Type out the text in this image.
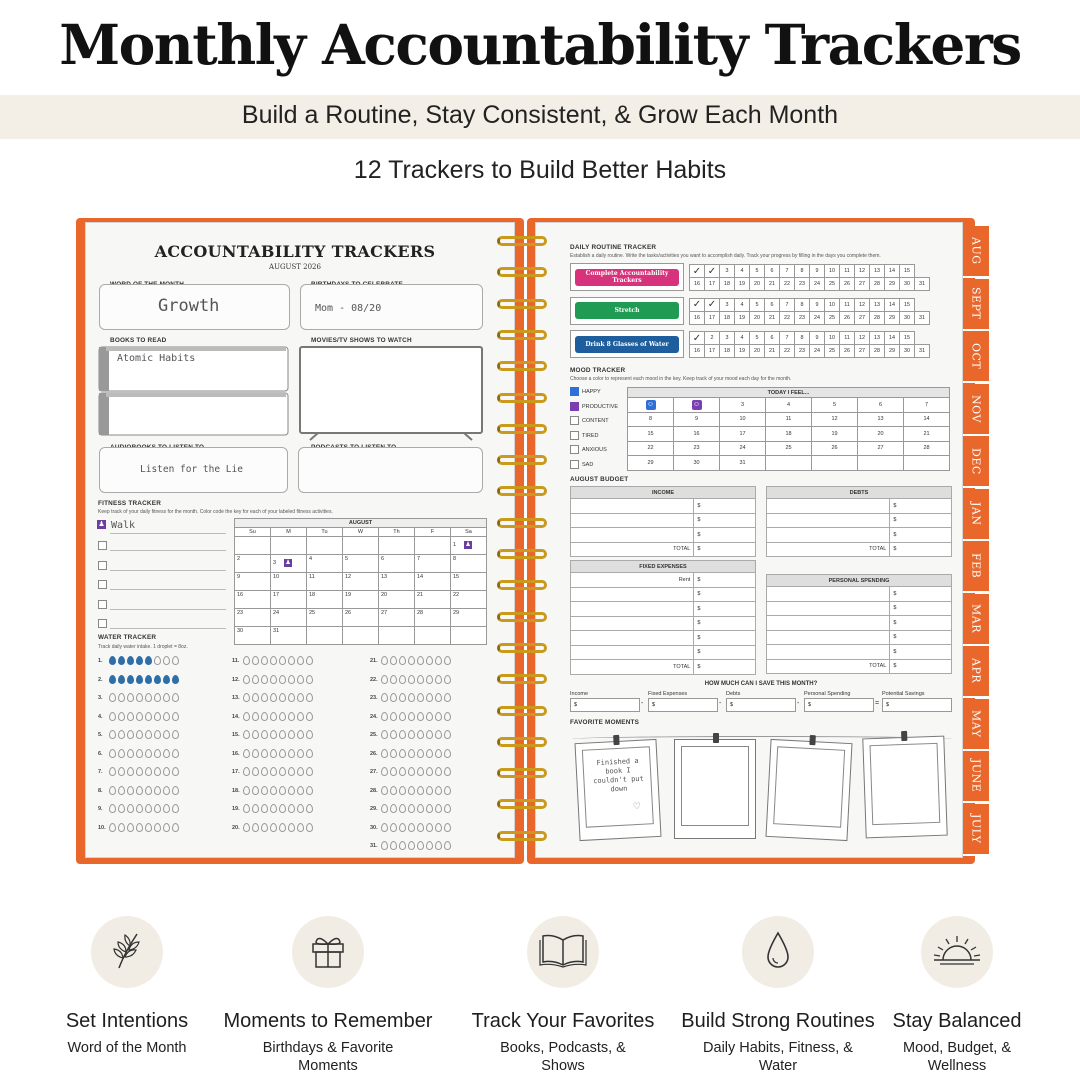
Monthly Accountability Trackers
Build a Routine, Stay Consistent, & Grow Each Month
12 Trackers to Build Better Habits
AUG
SEPT
OCT
NOV
DEC
JAN
FEB
MAR
APR
MAY
JUNE
JULY
ACCOUNTABILITY TRACKERS
AUGUST 2026
Growth	Mom - 08/20
BOOKS TO READ
Atomic Habits
MOVIES/TV SHOWS TO WATCH
Listen for the Lie
FITNESS TRACKER
Keep track of your daily fitness for the month. Color code the key for each of your labeled fitness activities.
♟ Walk	AUGUST						
Su	M	Tu	W	Th	F	Sa
						1 ♟
2	3 ♟	4	5	6	7	8
9	10	11	12	13	14	15
16	17	18	19	20	21	22
23	24	25	26	27	28	29
30	31					
WATER TRACKER
Track daily water intake. 1 droplet = 8oz.
1.
2.
3.
4.
5.
6.
7.
8.
9.
10.
11.
12.
13.
14.
15.
16.
17.
18.
19.
20.
21.
22.
23.
24.
25.
26.
27.
28.
29.
30.
31.
DAILY ROUTINE TRACKER
Establish a daily routine. Write the tasks/activities you want to accomplish daily. Track your progress by filling in the days you complete them.
Complete Accountability Trackers
✓	✓	3	4	5	6	7	8	9	10	11	12	13	14	15	
16	17	18	19	20	21	22	23	24	25	26	27	28	29	30	31
Stretch
✓	✓	3	4	5	6	7	8	9	10	11	12	13	14	15	
16	17	18	19	20	21	22	23	24	25	26	27	28	29	30	31
Drink 8 Glasses of Water
✓	2	3	4	5	6	7	8	9	10	11	12	13	14	15	
16	17	18	19	20	21	22	23	24	25	26	27	28	29	30	31
MOOD TRACKER
Choose a color to represent each mood in the key. Keep track of your mood each day for the month.
HAPPY
PRODUCTIVE
CONTENT
TIRED
ANXIOUS
SAD
TODAY I FEEL...						
☺	☺	3	4	5	6	7
8	9	10	11	12	13	14
15	16	17	18	19	20	21
22	23	24	25	26	27	28
29	30	31				
AUGUST BUDGET
INCOME	
	$
	$
	$
TOTAL	$
DEBTS	
	$
	$
	$
TOTAL	$
FIXED EXPENSES	
Rent	$
	$
	$
	$
	$
	$
TOTAL	$
PERSONAL SPENDING	
	$
	$
	$
	$
	$
TOTAL	$
HOW MUCH CAN I SAVE THIS MONTH?
Income
$	-
Fixed Expenses
$	-
Debts
$	-
Personal Spending
$	=
Potential Savings
$
FAVORITE MOMENTS
Finished a book I couldn't put down
♡
Set Intentions
Word of the Month
Moments to Remember
Birthdays & Favorite Moments
Track Your Favorites
Books, Podcasts, & Shows
Build Strong Routines
Daily Habits, Fitness, & Water
Stay Balanced
Mood, Budget, & Wellness
